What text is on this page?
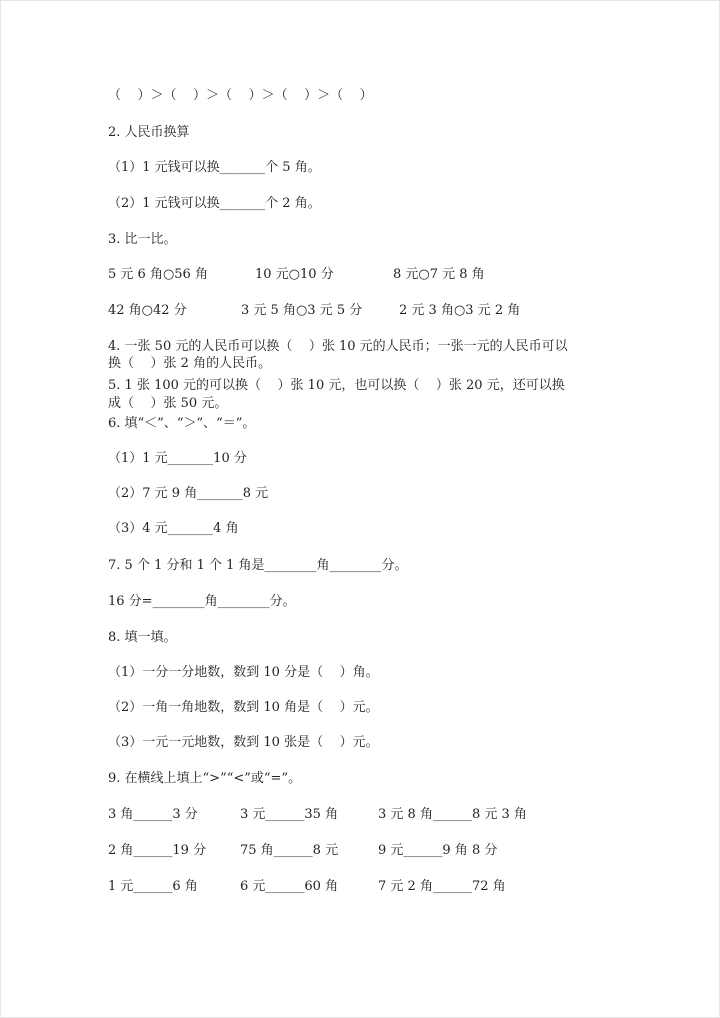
（    ）＞（    ）＞（    ）＞（    ）＞（    ）
2. 人民币换算
（1）1 元钱可以换_______个 5 角。
（2）1 元钱可以换_______个 2 角。
3. 比一比。
5 元 6 角○56 角	10 元○10 分	8 元○7 元 8 角
42 角○42 分	3 元 5 角○3 元 5 分	2 元 3 角○3 元 2 角
4. 一张 50 元的人民币可以换（    ）张 10 元的人民币；一张一元的人民币可以
换（    ）张 2 角的人民币。
5. 1 张 100 元的可以换（    ）张 10 元，也可以换（    ）张 20 元，还可以换
成（    ）张 50 元。
6. 填“＜”、“＞”、“＝”。
（1）1 元_______10 分
（2）7 元 9 角_______8 元
（3）4 元_______4 角
7. 5 个 1 分和 1 个 1 角是________角________分。
16 分=________角________分。
8. 填一填。
（1）一分一分地数，数到 10 分是（    ）角。
（2）一角一角地数，数到 10 角是（    ）元。
（3）一元一元地数，数到 10 张是（    ）元。
9. 在横线上填上“>”“<”或“=”。
3 角______3 分	3 元______35 角	3 元 8 角______8 元 3 角
2 角______19 分	75 角______8 元	9 元______9 角 8 分
1 元______6 角	6 元______60 角	7 元 2 角______72 角
